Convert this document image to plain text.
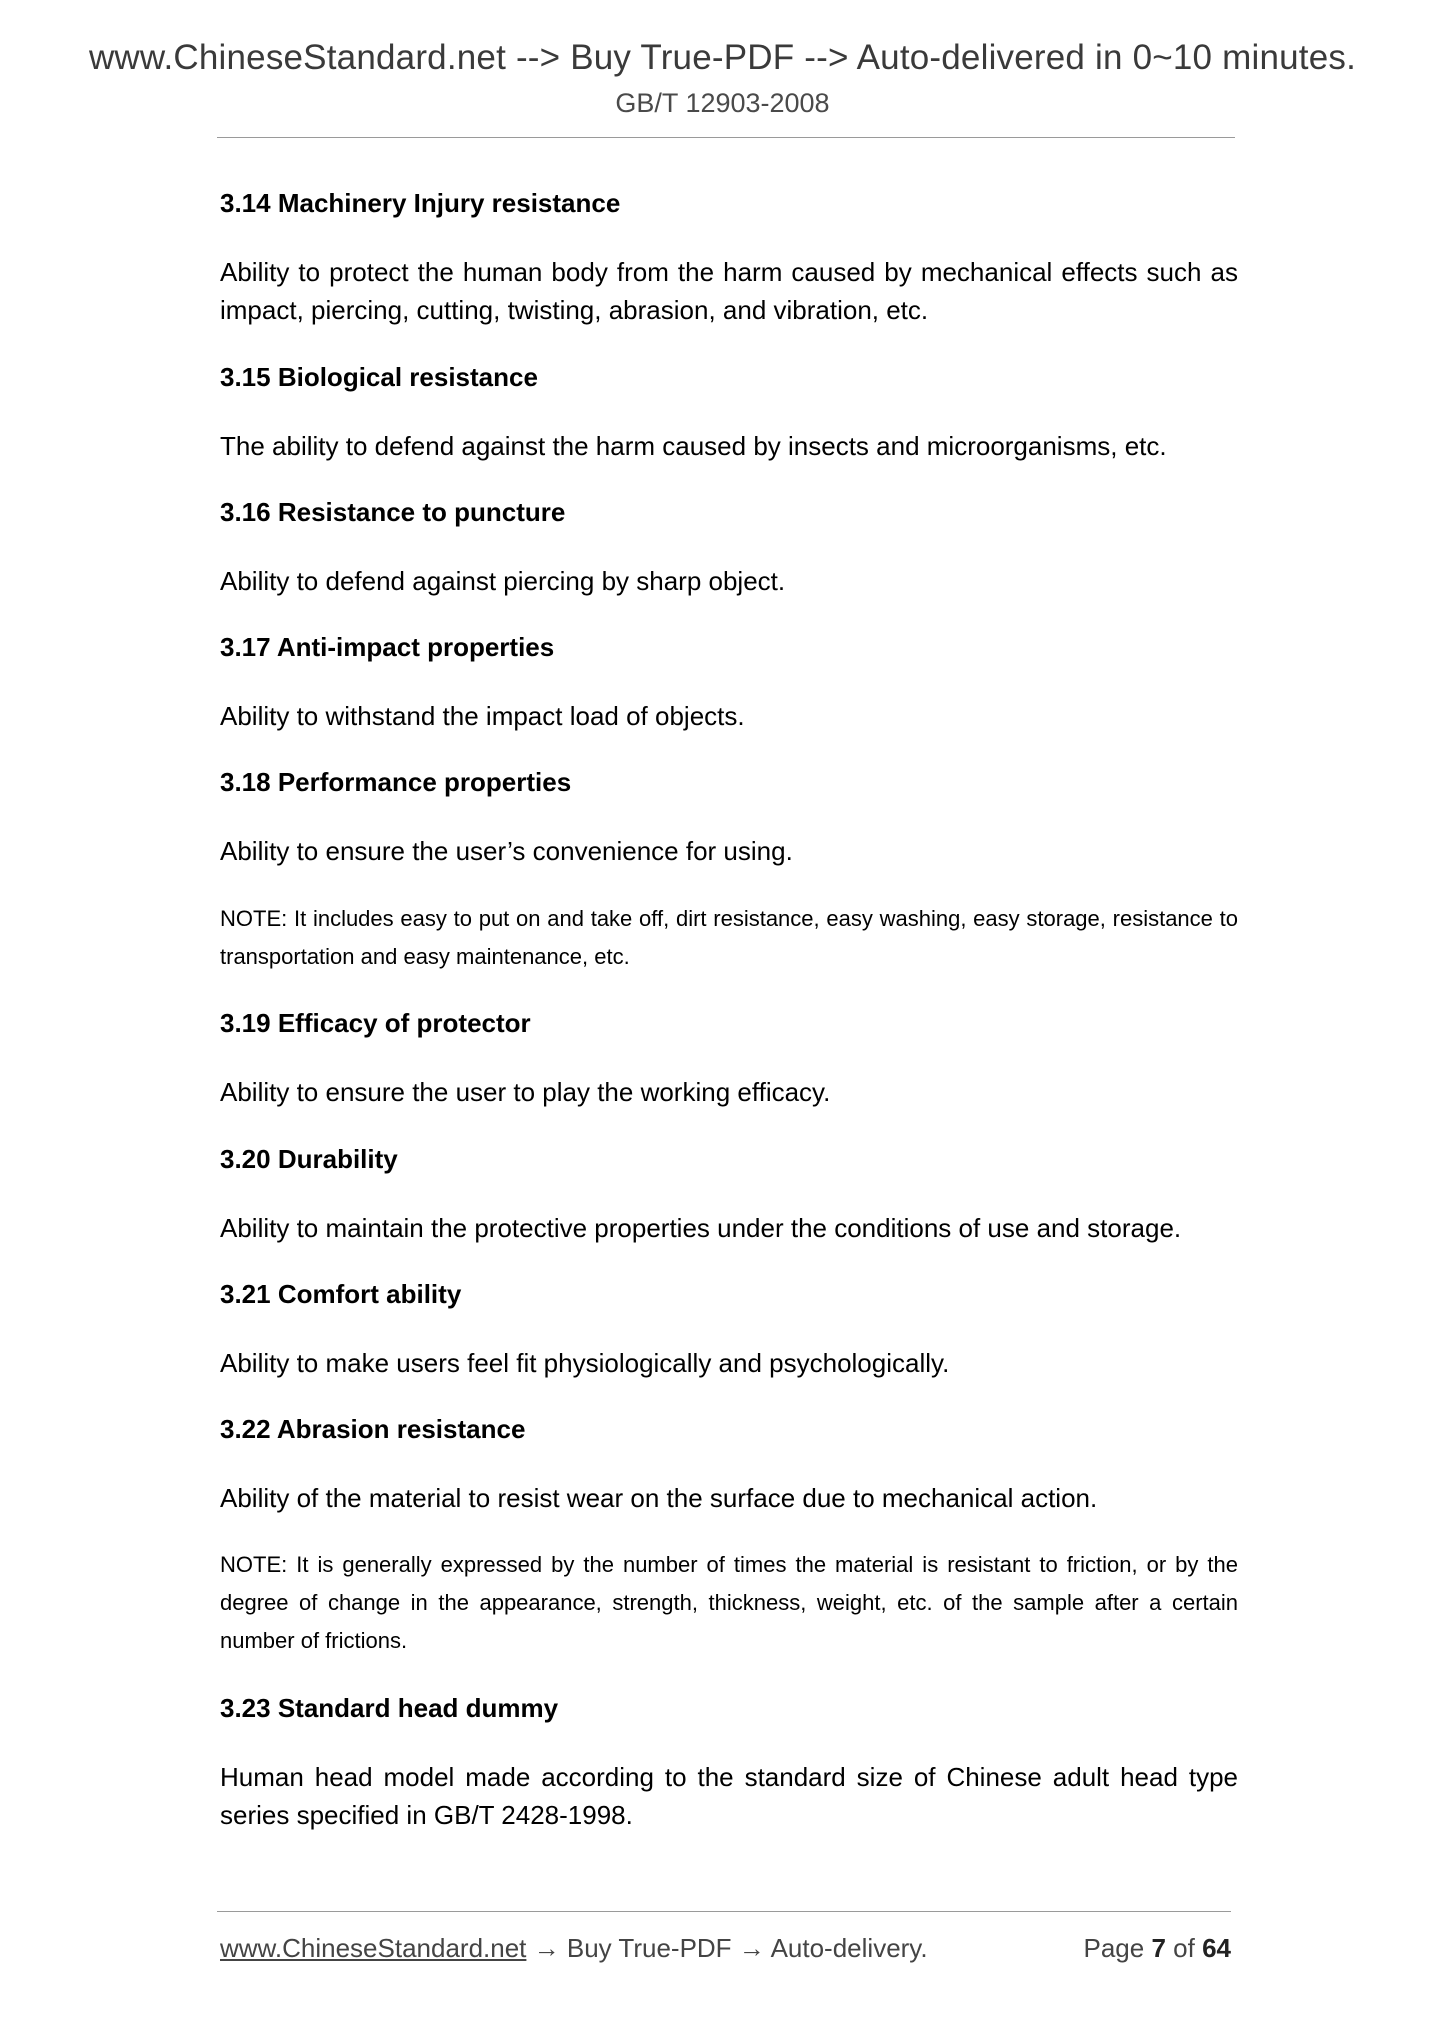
www.ChineseStandard.net --> Buy True-PDF --> Auto-delivered in 0~10 minutes.
GB/T 12903-2008
3.14 Machinery Injury resistance
Ability to protect the human body from the harm caused by mechanical effects such as impact, piercing, cutting, twisting, abrasion, and vibration, etc.
3.15 Biological resistance
The ability to defend against the harm caused by insects and microorganisms, etc.
3.16 Resistance to puncture
Ability to defend against piercing by sharp object.
3.17 Anti-impact properties
Ability to withstand the impact load of objects.
3.18 Performance properties
Ability to ensure the user’s convenience for using.
NOTE: It includes easy to put on and take off, dirt resistance, easy washing, easy storage, resistance to transportation and easy maintenance, etc.
3.19 Efficacy of protector
Ability to ensure the user to play the working efficacy.
3.20 Durability
Ability to maintain the protective properties under the conditions of use and storage.
3.21 Comfort ability
Ability to make users feel fit physiologically and psychologically.
3.22 Abrasion resistance
Ability of the material to resist wear on the surface due to mechanical action.
NOTE: It is generally expressed by the number of times the material is resistant to friction, or by the degree of change in the appearance, strength, thickness, weight, etc. of the sample after a certain number of frictions.
3.23 Standard head dummy
Human head model made according to the standard size of Chinese adult head type series specified in GB/T 2428-1998.
www.ChineseStandard.net → Buy True-PDF → Auto-delivery.	Page 7 of 64
